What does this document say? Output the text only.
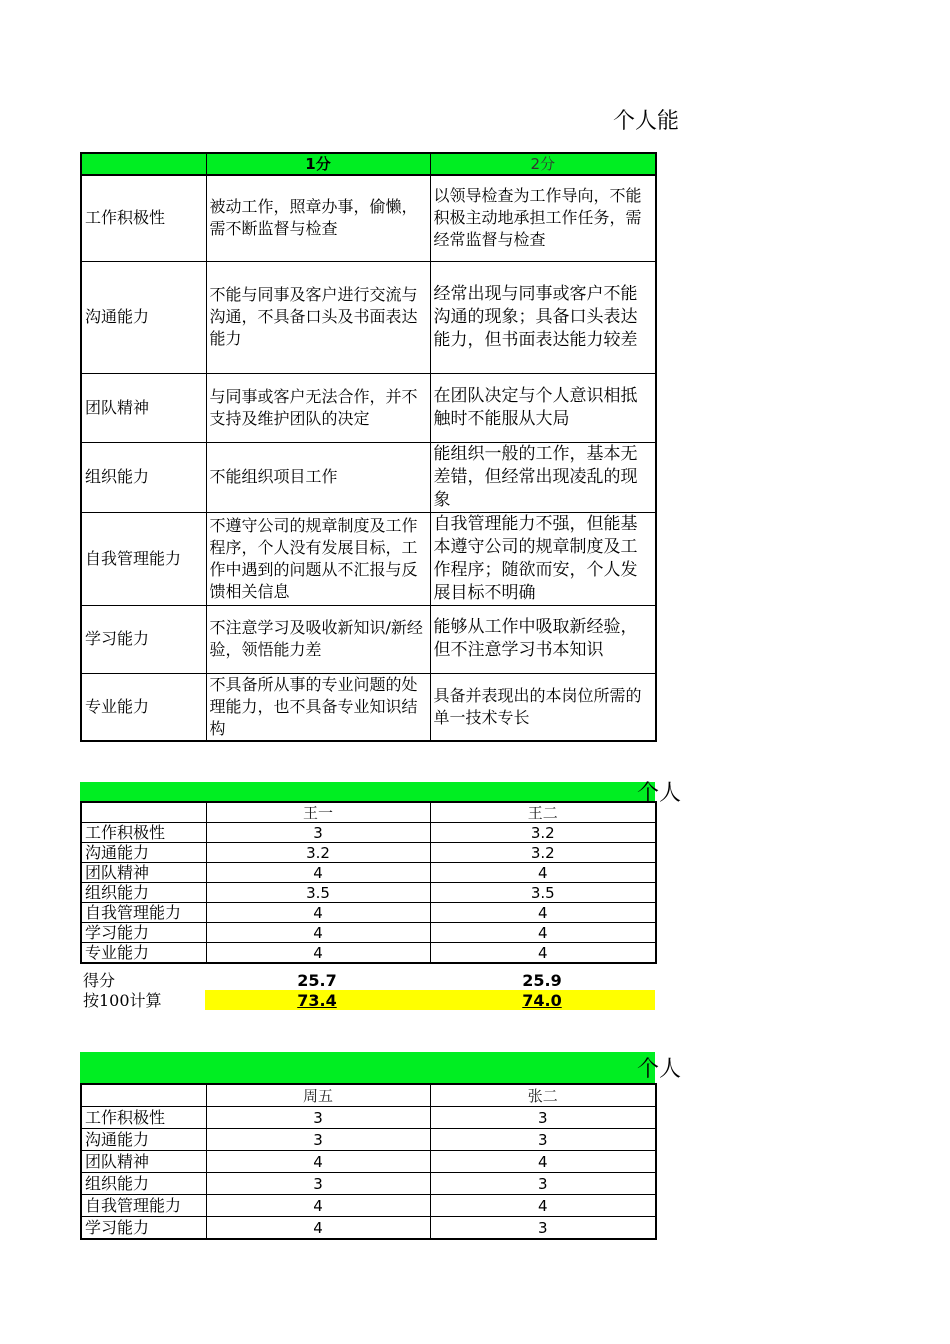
个人能
	1分	2分
工作积极性	被动工作，照章办事，偷懒，需不断监督与检查	以领导检查为工作导向，不能积极主动地承担工作任务，需经常监督与检查
沟通能力	不能与同事及客户进行交流与沟通，不具备口头及书面表达能力	经常出现与同事或客户不能沟通的现象；具备口头表达能力，但书面表达能力较差
团队精神	与同事或客户无法合作，并不支持及维护团队的决定	在团队决定与个人意识相抵触时不能服从大局
组织能力	不能组织项目工作	能组织一般的工作，基本无差错，但经常出现凌乱的现象
自我管理能力	不遵守公司的规章制度及工作程序，个人没有发展目标，工作中遇到的问题从不汇报与反馈相关信息	自我管理能力不强，但能基本遵守公司的规章制度及工作程序；随欲而安，个人发展目标不明确
学习能力	不注意学习及吸收新知识/新经验，领悟能力差	能够从工作中吸取新经验，但不注意学习书本知识
专业能力	不具备所从事的专业问题的处理能力，也不具备专业知识结构	具备并表现出的本岗位所需的单一技术专长
个人
	王一	王二
工作积极性	3	3.2
沟通能力	3.2	3.2
团队精神	4	4
组织能力	3.5	3.5
自我管理能力	4	4
学习能力	4	4
专业能力	4	4
得分	25.7	25.9
按100计算	73.4	74.0
个人
	周五	张二
工作积极性	3	3
沟通能力	3	3
团队精神	4	4
组织能力	3	3
自我管理能力	4	4
学习能力	4	3
